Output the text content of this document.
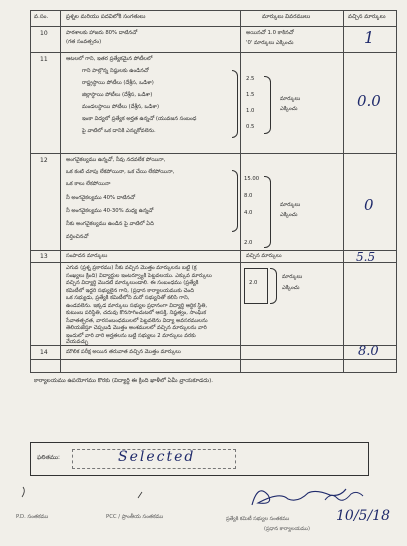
వ.సం.	ప్రశ్నల మరియు పదవిలోకి సంగతులు	మార్కులు వివరములు	వచ్చిన మార్కులు
10	పాఠశాలకు హాజరు 80% దాటినచో
(గత సంవత్సరం)
అయినచో 1.0 కాకినచో
'0' మార్కులు ఎక్కించు	1
11	ఆటలలో గాని, ఇతర ప్రత్యేకమైన పోటీలలో
గాని పాల్గొన్న నిష్ఠులకు ఉండినచో
రాష్ట్రస్థాయి పోటీలు (దేశ్రీస, ఒడిశా)
జిల్లాస్థాయి పోటీలు (దేశ్రీస, ఒడిశా)
మండలస్థాయి పోటీలు (దేశ్రీస, ఒడిశా)
ఇంకా విద్యలో ప్రత్యేక అర్హత ఉన్నచో (యువజన సంబంధ
పై వాటిలో ఒక దానికి ఎన్నుకోవలెను.
2.5
1.5
1.0
0.5
మార్కులు
ఎక్కించు	0.0
12	అంగవైకల్యము ఉన్నచో, నీవు నదవలేక పోయినా,
ఒక కంటి చూపు లేకపోయినా, ఒక చేయి లేకపోయినా,
ఒక కాలు లేకపోయినా
నీ అంగవైకల్యము 40% దాటినచో
నీ అంగవైకల్యము 40-30% మధ్య ఉన్నచో
నీకు అంగవైకల్యము ఉండిన పై వాటిలో ఏది
వర్తించినచో
15.00
8.0
4.0
2.0
మార్కులు
ఎక్కించు
0
13	సంపాదన మార్కులు	వచ్చిన మార్కులు	5.5
ఎగువ (ప్రశ్న ప్రకారము) నీకు వచ్చిన మొత్తం మార్కులను బట్టి (క్ర
సంఖ్యలు క్రింది) విద్యార్థుల ఇంటర్వ్యూకి పెట్టవలయు. ఎక్కువ మార్కులు
వచ్చిన విద్యార్థి మొదటి మార్కులుండాలి. ఈ సంబంధము (ప్రత్యేకి
కమిటీలో ఇద్దరి సభ్యులైన గాని, (ప్రధాన కార్యాలయముకు చెంది
ఒక సభ్యుడు, ప్రత్యేకి కమిటీలోని మరో సభ్యునితో కలిసి గాని,
ఉండవలెను. ఇక్కడ మార్కులు సభ్యుల ప్రధానంగా విద్యార్థి ఆర్థిక స్థితి,
కుటుంబ పరిస్థితి, చదువు కొనసాగించుటలో ఆసక్తి, నిష్ఠత్వం, సాంఘిక
సేవాతత్పరత, వారసంబంధములలో పెట్టవలెను విద్యా అవసరములను
తెలియజేస్తూ చెప్పబడి మొత్తం అంశములలో వచ్చిన మార్కులను వారి
ఇందులో వారి వారి అర్హతలను బట్టి సభ్యులు 2 మార్కులు వరకు
వేయవచ్చు
2.0
మార్కులు
ఎక్కించు
14	మౌలిక పరీక్ష అయిన తరువాత వచ్చిన మొత్తం మార్కులు	8.0
కార్యాలయము ఉపయోగము కొరకు (విద్యార్థి ఈ క్రింది ఖాళీలో ఏమీ వ్రాయకూడదు).
ఫలితము:	Selected
10/5/18
P.D. సంతకము	PCC / ప్రాంతీయ సంతకము	ప్రత్యేకి కమిటీ సభ్యుల సంతకము
(ప్రధాన కార్యాలయము)
